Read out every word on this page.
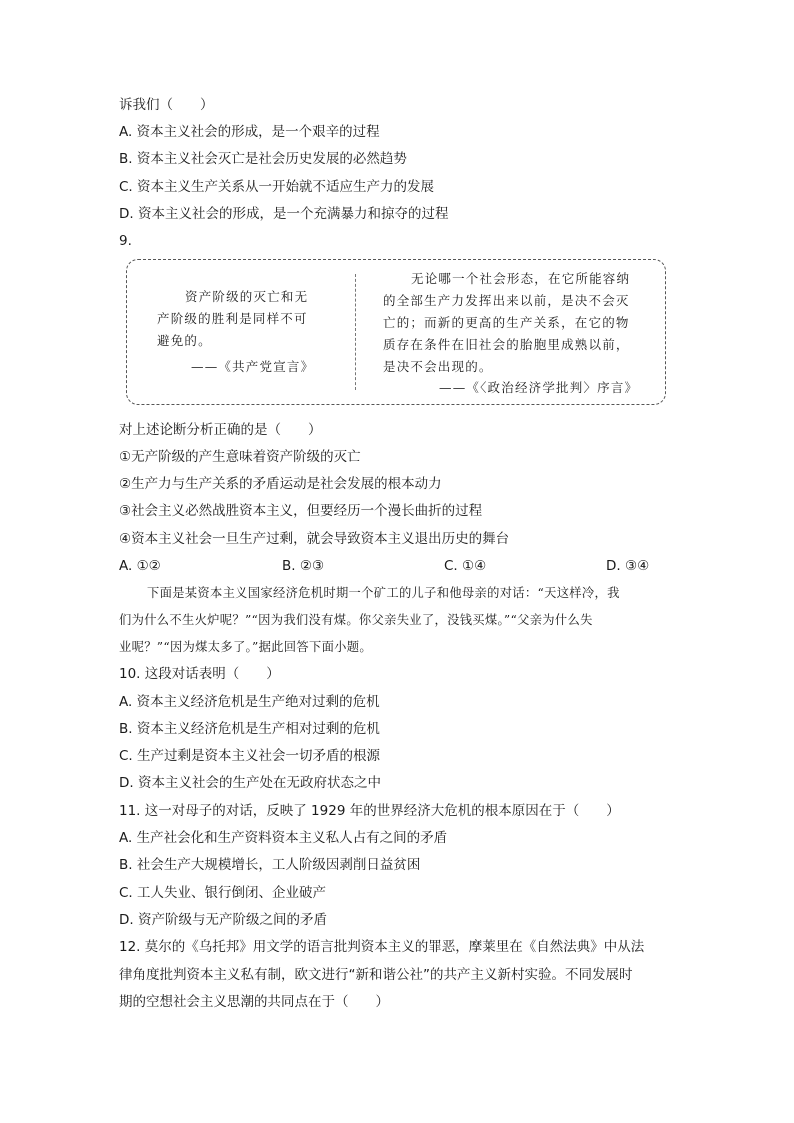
诉我们（　　）
A. 资本主义社会的形成，是一个艰辛的过程
B. 资本主义社会灭亡是社会历史发展的必然趋势
C. 资本主义生产关系从一开始就不适应生产力的发展
D. 资本主义社会的形成，是一个充满暴力和掠夺的过程
9.
资产阶级的灭亡和无
产阶级的胜利是同样不可
避免的。
——《共产党宣言》
无论哪一个社会形态，在它所能容纳
的全部生产力发挥出来以前，是决不会灭
亡的；而新的更高的生产关系，在它的物
质存在条件在旧社会的胎胞里成熟以前，
是决不会出现的。
——《〈政治经济学批判〉序言》
对上述论断分析正确的是（　　）
①无产阶级的产生意味着资产阶级的灭亡
②生产力与生产关系的矛盾运动是社会发展的根本动力
③社会主义必然战胜资本主义，但要经历一个漫长曲折的过程
④资本主义社会一旦生产过剩，就会导致资本主义退出历史的舞台
A. ①②	B. ②③	C. ①④	D. ③④
下面是某资本主义国家经济危机时期一个矿工的儿子和他母亲的对话：“天这样冷，我
们为什么不生火炉呢？”“因为我们没有煤。你父亲失业了，没钱买煤。”“父亲为什么失
业呢？”“因为煤太多了。”据此回答下面小题。
10. 这段对话表明（　　）
A. 资本主义经济危机是生产绝对过剩的危机
B. 资本主义经济危机是生产相对过剩的危机
C. 生产过剩是资本主义社会一切矛盾的根源
D. 资本主义社会的生产处在无政府状态之中
11. 这一对母子的对话，反映了 1929 年的世界经济大危机的根本原因在于（　　）
A. 生产社会化和生产资料资本主义私人占有之间的矛盾
B. 社会生产大规模增长，工人阶级因剥削日益贫困
C. 工人失业、银行倒闭、企业破产
D. 资产阶级与无产阶级之间的矛盾
12. 莫尔的《乌托邦》用文学的语言批判资本主义的罪恶，摩莱里在《自然法典》中从法
律角度批判资本主义私有制，欧文进行“新和谐公社”的共产主义新村实验。不同发展时
期的空想社会主义思潮的共同点在于（　　）
